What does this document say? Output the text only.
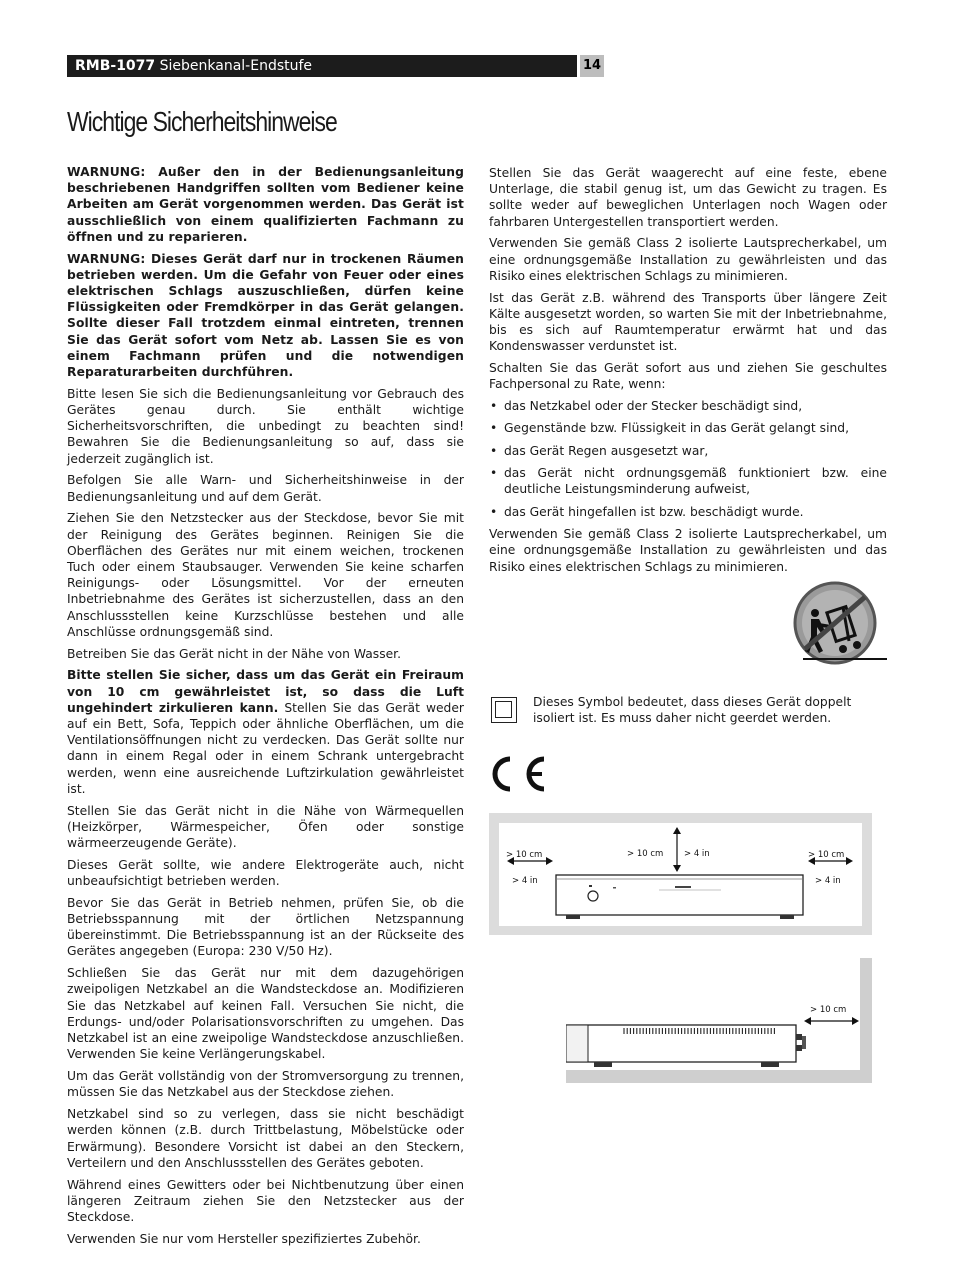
RMB-1077 Siebenkanal-Endstufe	14
Wichtige Sicherheitshinweise

WARNUNG: Außer den in der Bedienungsanleitung beschriebenen Handgriffen sollten vom Bediener keine Arbeiten am Gerät vorgenommen werden. Das Gerät ist ausschließlich von einem qualifizierten Fachmann zu öffnen und zu reparieren.

WARNUNG: Dieses Gerät darf nur in trockenen Räumen betrieben werden. Um die Gefahr von Feuer oder eines elektrischen Schlags auszuschließen, dürfen keine Flüssigkeiten oder Fremdkörper in das Gerät gelangen. Sollte dieser Fall trotzdem einmal eintreten, trennen Sie das Gerät sofort vom Netz ab. Lassen Sie es von einem Fachmann prüfen und die notwendigen Reparaturarbeiten durchführen.

Bitte lesen Sie sich die Bedienungsanleitung vor Gebrauch des Gerätes genau durch. Sie enthält wichtige Sicherheitsvorschriften, die unbedingt zu beachten sind! Bewahren Sie die Bedienungsanleitung so auf, dass sie jederzeit zugänglich ist.

Befolgen Sie alle Warn- und Sicherheitshinweise in der Bedienungsanleitung und auf dem Gerät.

Ziehen Sie den Netzstecker aus der Steckdose, bevor Sie mit der Reinigung des Gerätes beginnen. Reinigen Sie die Oberflächen des Gerätes nur mit einem weichen, trockenen Tuch oder einem Staubsauger. Verwenden Sie keine scharfen Reinigungs- oder Lösungsmittel. Vor der erneuten Inbetriebnahme des Gerätes ist sicherzustellen, dass an den Anschlussstellen keine Kurzschlüsse bestehen und alle Anschlüsse ordnungsgemäß sind.

Betreiben Sie das Gerät nicht in der Nähe von Wasser.

Bitte stellen Sie sicher, dass um das Gerät ein Freiraum von 10 cm gewährleistet ist, so dass die Luft ungehindert zirkulieren kann. Stellen Sie das Gerät weder auf ein Bett, Sofa, Teppich oder ähnliche Oberflächen, um die Ventilationsöffnungen nicht zu verdecken. Das Gerät sollte nur dann in einem Regal oder in einem Schrank untergebracht werden, wenn eine ausreichende Luftzirkulation gewährleistet ist.

Stellen Sie das Gerät nicht in die Nähe von Wärmequellen (Heizkörper, Wärmespeicher, Öfen oder sonstige wärmeerzeugende Geräte).

Dieses Gerät sollte, wie andere Elektrogeräte auch, nicht unbeaufsichtigt betrieben werden.

Bevor Sie das Gerät in Betrieb nehmen, prüfen Sie, ob die Betriebsspannung mit der örtlichen Netzspannung übereinstimmt. Die Betriebsspannung ist an der Rückseite des Gerätes angegeben (Europa: 230 V/50 Hz).

Schließen Sie das Gerät nur mit dem dazugehörigen zweipoligen Netzkabel an die Wandsteckdose an. Modifizieren Sie das Netzkabel auf keinen Fall. Versuchen Sie nicht, die Erdungs- und/oder Polarisationsvorschriften zu umgehen. Das Netzkabel ist an eine zweipolige Wandsteckdose anzuschließen. Verwenden Sie keine Verlängerungskabel.

Um das Gerät vollständig von der Stromversorgung zu trennen, müssen Sie das Netzkabel aus der Steckdose ziehen.

Netzkabel sind so zu verlegen, dass sie nicht beschädigt werden können (z.B. durch Trittbelastung, Möbelstücke oder Erwärmung). Besondere Vorsicht ist dabei an den Steckern, Verteilern und den Anschlussstellen des Gerätes geboten.

Während eines Gewitters oder bei Nichtbenutzung über einen längeren Zeitraum ziehen Sie den Netzstecker aus der Steckdose.

Verwenden Sie nur vom Hersteller spezifiziertes Zubehör.

Stellen Sie das Gerät waagerecht auf eine feste, ebene Unterlage, die stabil genug ist, um das Gewicht zu tragen. Es sollte weder auf beweglichen Unterlagen noch Wagen oder fahrbaren Untergestellen transportiert werden.

Verwenden Sie gemäß Class 2 isolierte Lautsprecherkabel, um eine ordnungsgemäße Installation zu gewährleisten und das Risiko eines elektrischen Schlags zu minimieren.

Ist das Gerät z.B. während des Transports über längere Zeit Kälte ausgesetzt worden, so warten Sie mit der Inbetriebnahme, bis es sich auf Raumtemperatur erwärmt hat und das Kondenswasser verdunstet ist.

Schalten Sie das Gerät sofort aus und ziehen Sie geschultes Fachpersonal zu Rate, wenn:

• das Netzkabel oder der Stecker beschädigt sind,
• Gegenstände bzw. Flüssigkeit in das Gerät gelangt sind,
• das Gerät Regen ausgesetzt war,
• das Gerät nicht ordnungsgemäß funktioniert bzw. eine deutliche Leistungsminderung aufweist,
• das Gerät hingefallen ist bzw. beschädigt wurde.

Verwenden Sie gemäß Class 2 isolierte Lautsprecherkabel, um eine ordnungsgemäße Installation zu gewährleisten und das Risiko eines elektrischen Schlags zu minimieren.

Dieses Symbol bedeutet, dass dieses Gerät doppelt isoliert ist. Es muss daher nicht geerdet werden.
> 10 cm
> 4 in
> 10 cm > 4 in	> 10 cm
> 4 in
> 10 cm
